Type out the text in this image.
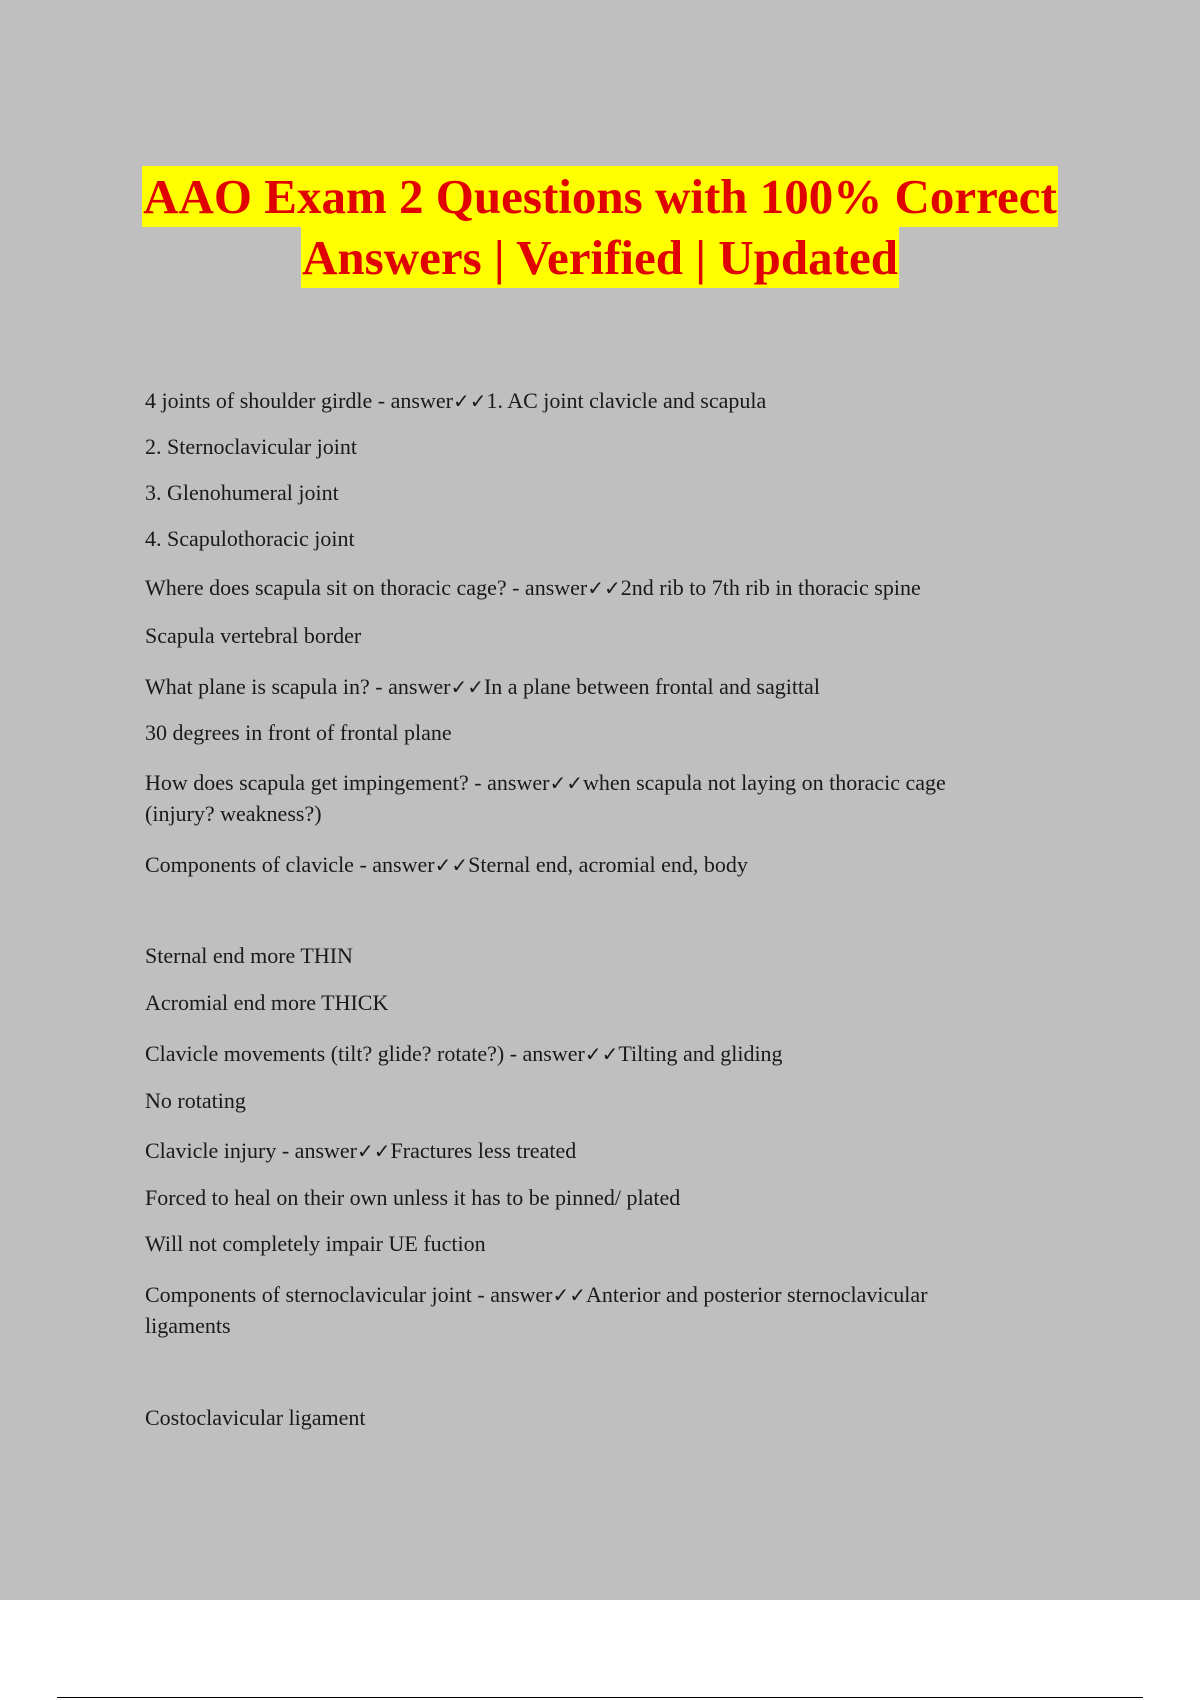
AAO Exam 2 Questions with 100% Correct
Answers | Verified | Updated
4 joints of shoulder girdle - answer✓✓1. AC joint clavicle and scapula
2. Sternoclavicular joint
3. Glenohumeral joint
4. Scapulothoracic joint
Where does scapula sit on thoracic cage? - answer✓✓2nd rib to 7th rib in thoracic spine
Scapula vertebral border
What plane is scapula in? - answer✓✓In a plane between frontal and sagittal
30 degrees in front of frontal plane
How does scapula get impingement? - answer✓✓when scapula not laying on thoracic cage
(injury? weakness?)
Components of clavicle - answer✓✓Sternal end, acromial end, body
Sternal end more THIN
Acromial end more THICK
Clavicle movements (tilt? glide? rotate?) - answer✓✓Tilting and gliding
No rotating
Clavicle injury - answer✓✓Fractures less treated
Forced to heal on their own unless it has to be pinned/ plated
Will not completely impair UE fuction
Components of sternoclavicular joint - answer✓✓Anterior and posterior sternoclavicular
ligaments
Costoclavicular ligament
